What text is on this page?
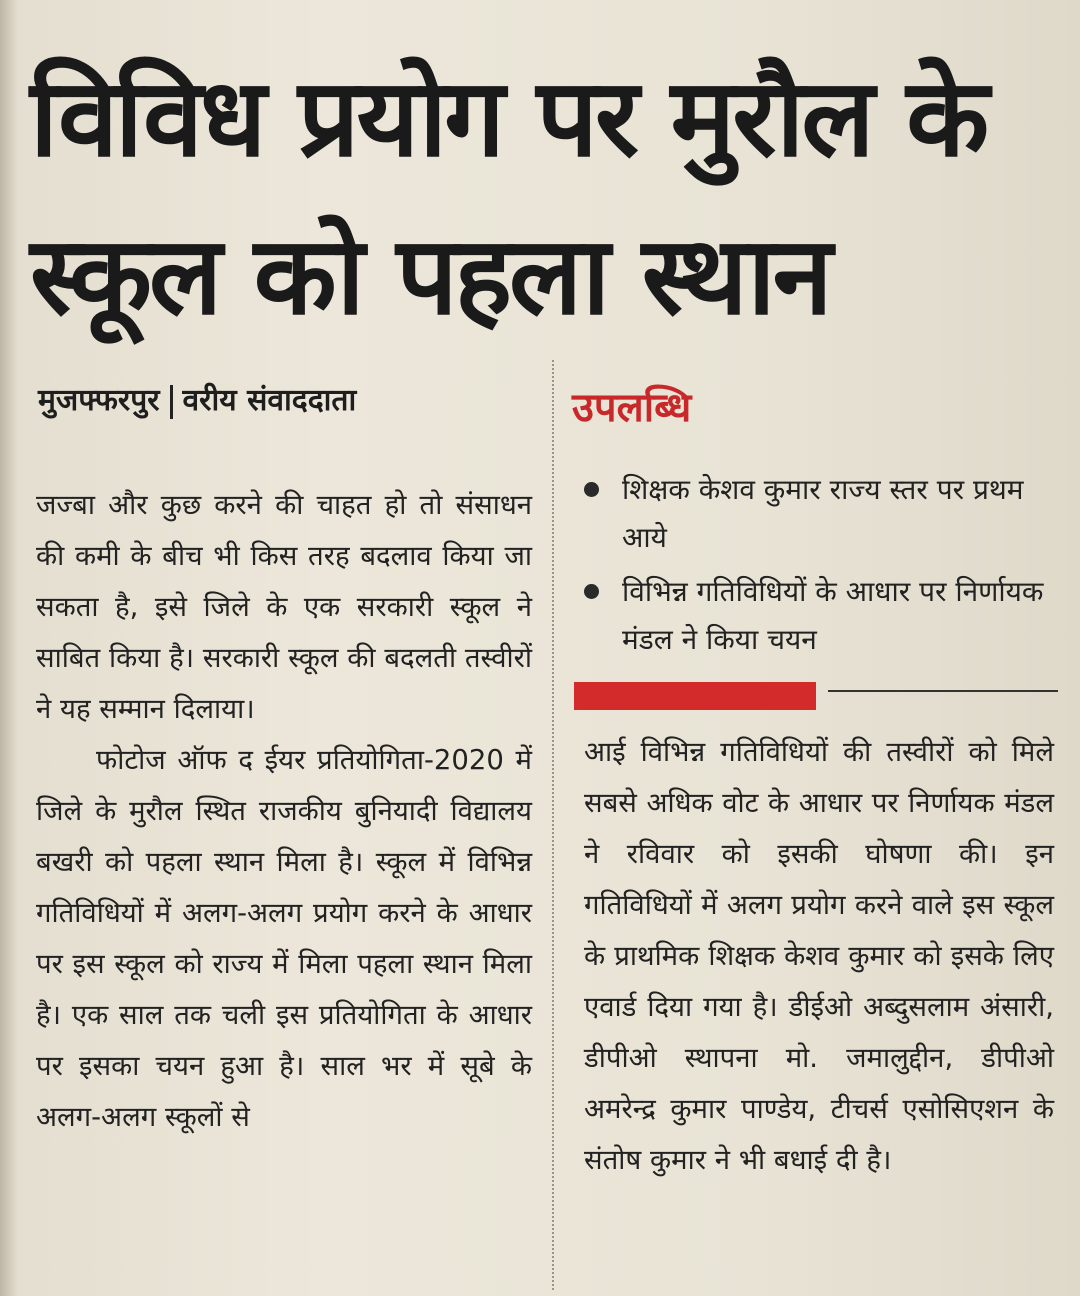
विविध प्रयोग पर मुरौल के
स्कूल को पहला स्थान
मुजफ्फरपुर वरीय संवाददाता

जज्बा और कुछ करने की चाहत हो तो संसाधन की कमी के बीच भी किस तरह बदलाव किया जा सकता है, इसे जिले के एक सरकारी स्कूल ने साबित किया है। सरकारी स्कूल की बदलती तस्वीरों ने यह सम्मान दिलाया।

फोटोज ऑफ द ईयर प्रतियोगिता-2020 में जिले के मुरौल स्थित राजकीय बुनियादी विद्यालय बखरी को पहला स्थान मिला है। स्कूल में विभिन्न गतिविधियों में अलग-अलग प्रयोग करने के आधार पर इस स्कूल को राज्य में मिला पहला स्थान मिला है। एक साल तक चली इस प्रतियोगिता के आधार पर इसका चयन हुआ है। साल भर में सूबे के अलग-अलग स्कूलों से

उपलब्धि
शिक्षक केशव कुमार राज्य स्तर पर प्रथम आये
विभिन्न गतिविधियों के आधार पर निर्णायक मंडल ने किया चयन

आई विभिन्न गतिविधियों की तस्वीरों को मिले सबसे अधिक वोट के आधार पर निर्णायक मंडल ने रविवार को इसकी घोषणा की। इन गतिविधियों में अलग प्रयोग करने वाले इस स्कूल के प्राथमिक शिक्षक केशव कुमार को इसके लिए एवार्ड दिया गया है। डीईओ अब्दुसलाम अंसारी, डीपीओ स्थापना मो. जमालुद्दीन, डीपीओ अमरेन्द्र कुमार पाण्डेय, टीचर्स एसोसिएशन के संतोष कुमार ने भी बधाई दी है।
